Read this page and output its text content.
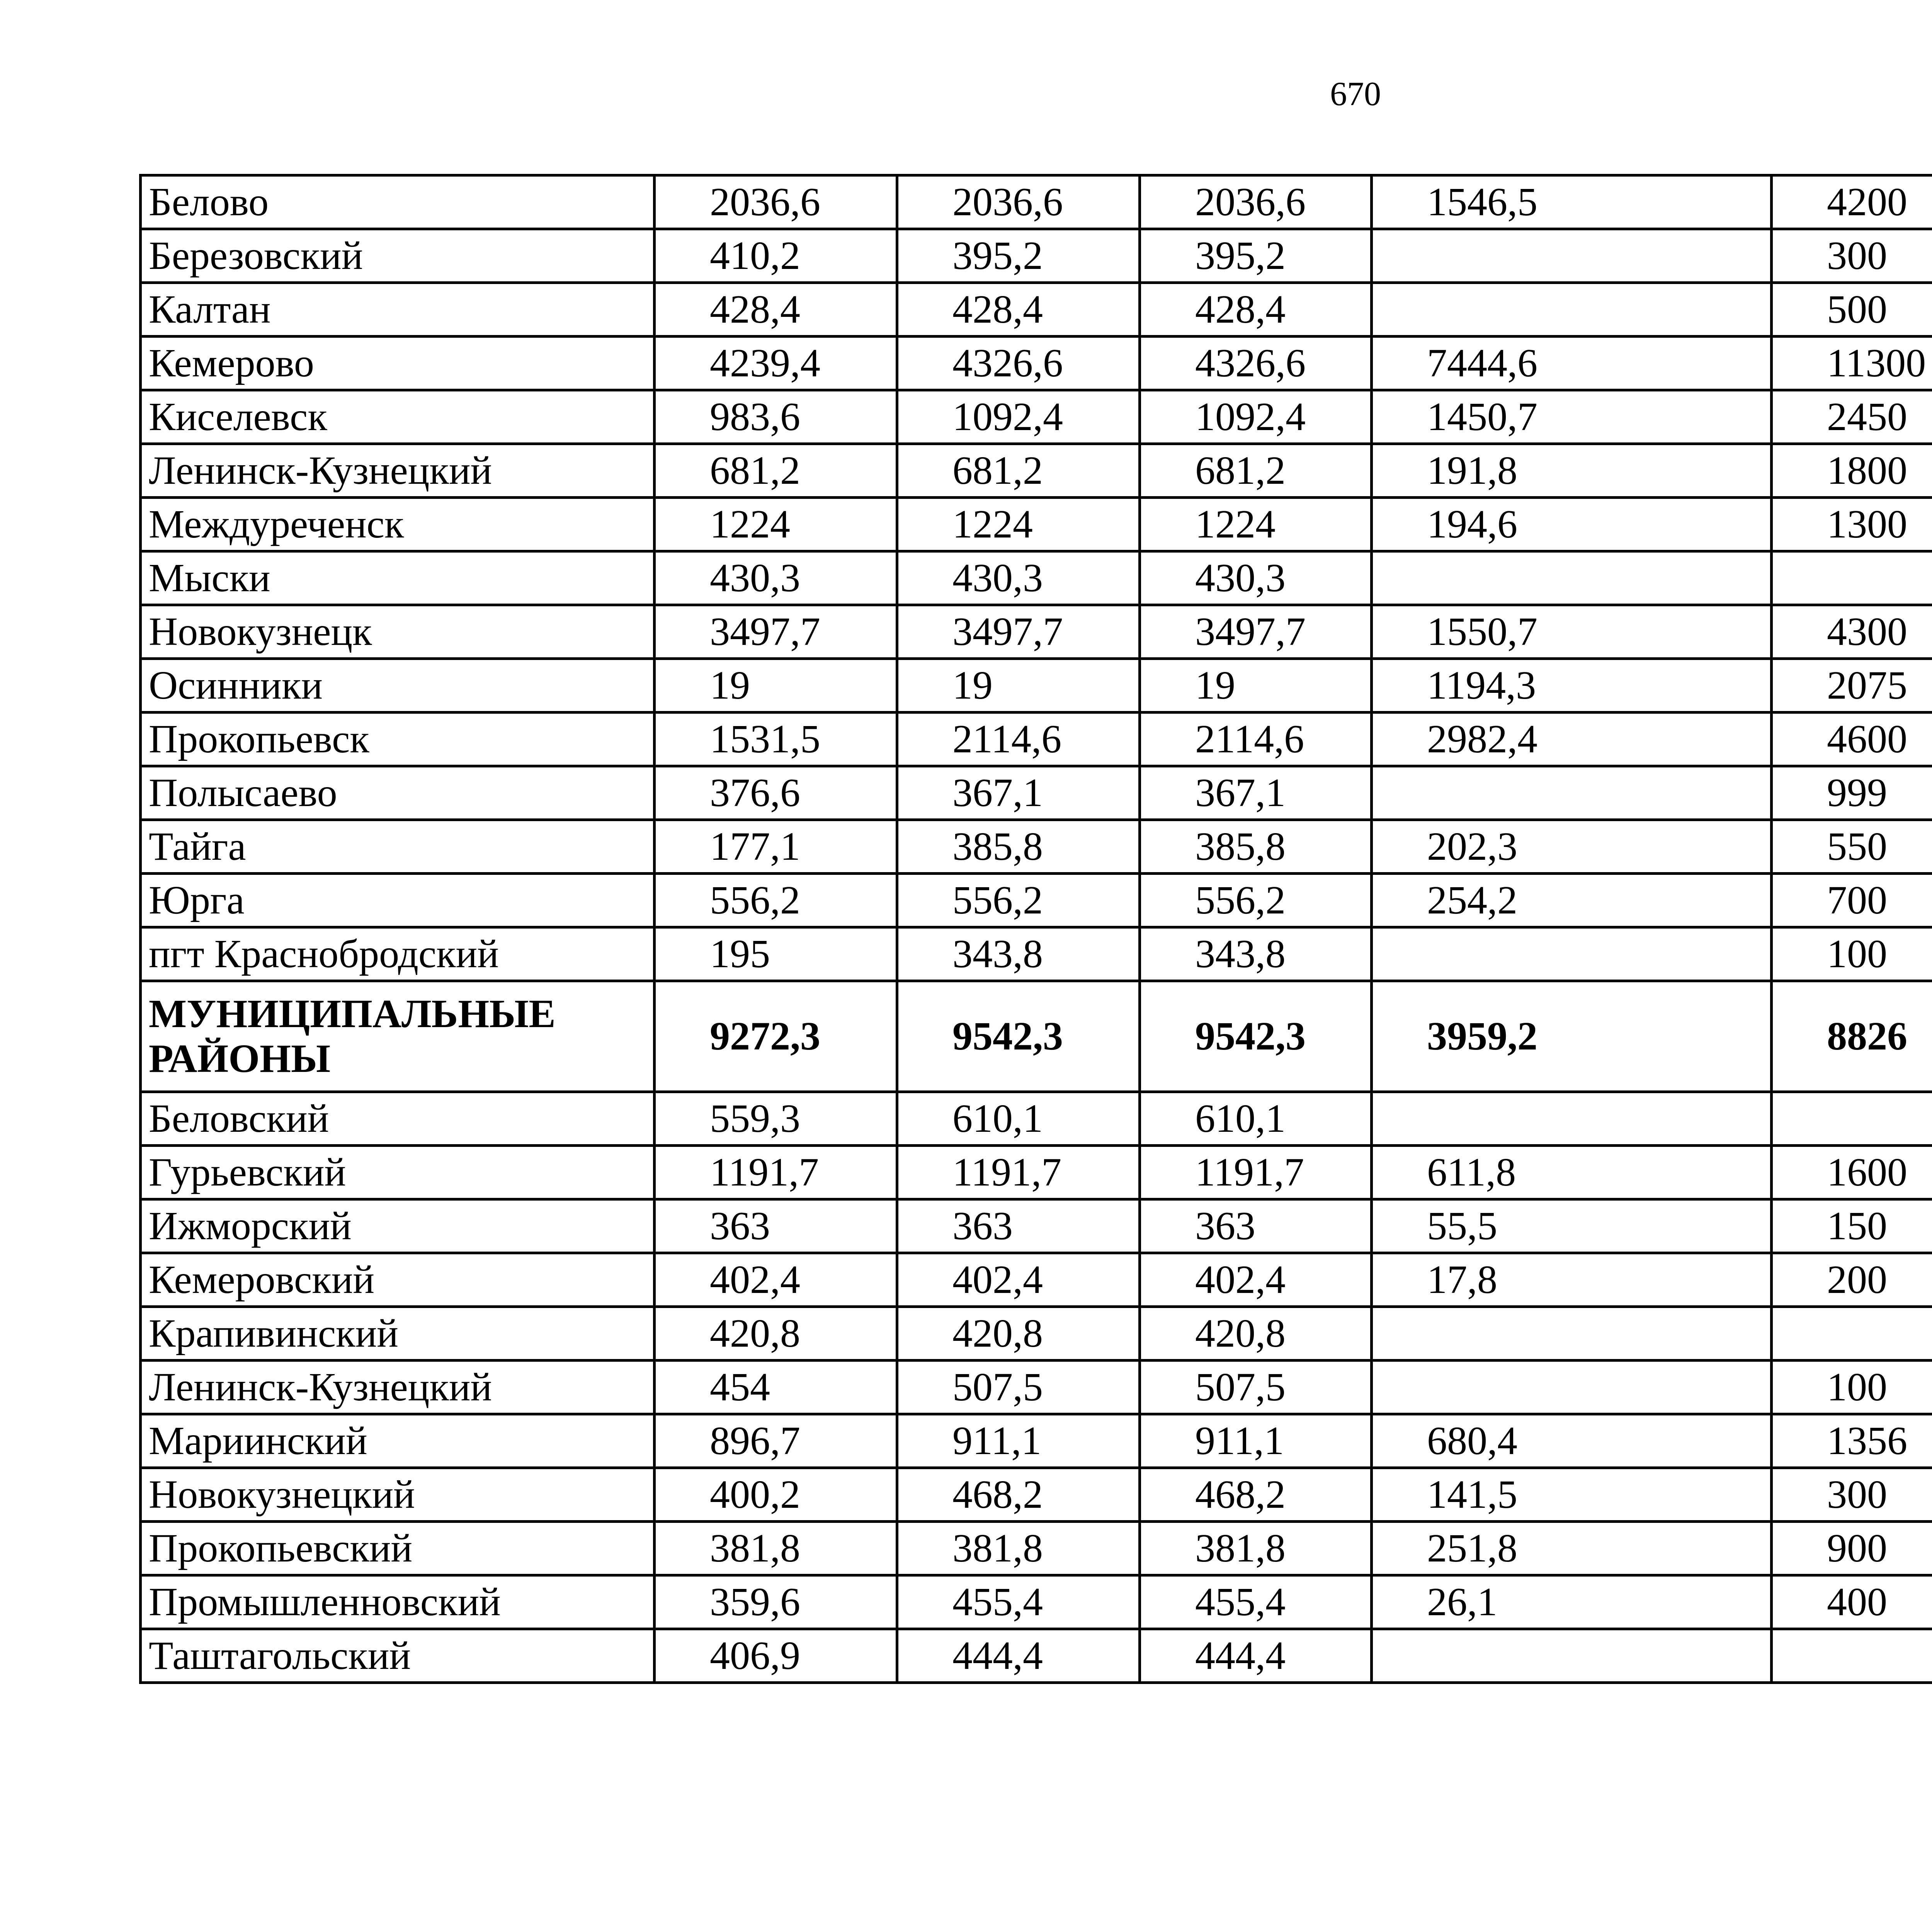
670
Белово	2036,6	2036,6	2036,6	1546,5	4200	
Березовский	410,2	395,2	395,2		300	
Калтан	428,4	428,4	428,4		500	
Кемерово	4239,4	4326,6	4326,6	7444,6	11300	
Киселевск	983,6	1092,4	1092,4	1450,7	2450	
Ленинск-Кузнецкий	681,2	681,2	681,2	191,8	1800	
Междуреченск	1224	1224	1224	194,6	1300	
Мыски	430,3	430,3	430,3			
Новокузнецк	3497,7	3497,7	3497,7	1550,7	4300	
Осинники	19	19	19	1194,3	2075	
Прокопьевск	1531,5	2114,6	2114,6	2982,4	4600	
Полысаево	376,6	367,1	367,1		999	
Тайга	177,1	385,8	385,8	202,3	550	
Юрга	556,2	556,2	556,2	254,2	700	
пгт Краснобродский	195	343,8	343,8		100	
МУНИЦИПАЛЬНЫЕ РАЙОНЫ	9272,3	9542,3	9542,3	3959,2	8826	
Беловский	559,3	610,1	610,1			
Гурьевский	1191,7	1191,7	1191,7	611,8	1600	
Ижморский	363	363	363	55,5	150	
Кемеровский	402,4	402,4	402,4	17,8	200	
Крапивинский	420,8	420,8	420,8			
Ленинск-Кузнецкий	454	507,5	507,5		100	
Мариинский	896,7	911,1	911,1	680,4	1356	
Новокузнецкий	400,2	468,2	468,2	141,5	300	
Прокопьевский	381,8	381,8	381,8	251,8	900	
Промышленновский	359,6	455,4	455,4	26,1	400	
Таштагольский	406,9	444,4	444,4			
